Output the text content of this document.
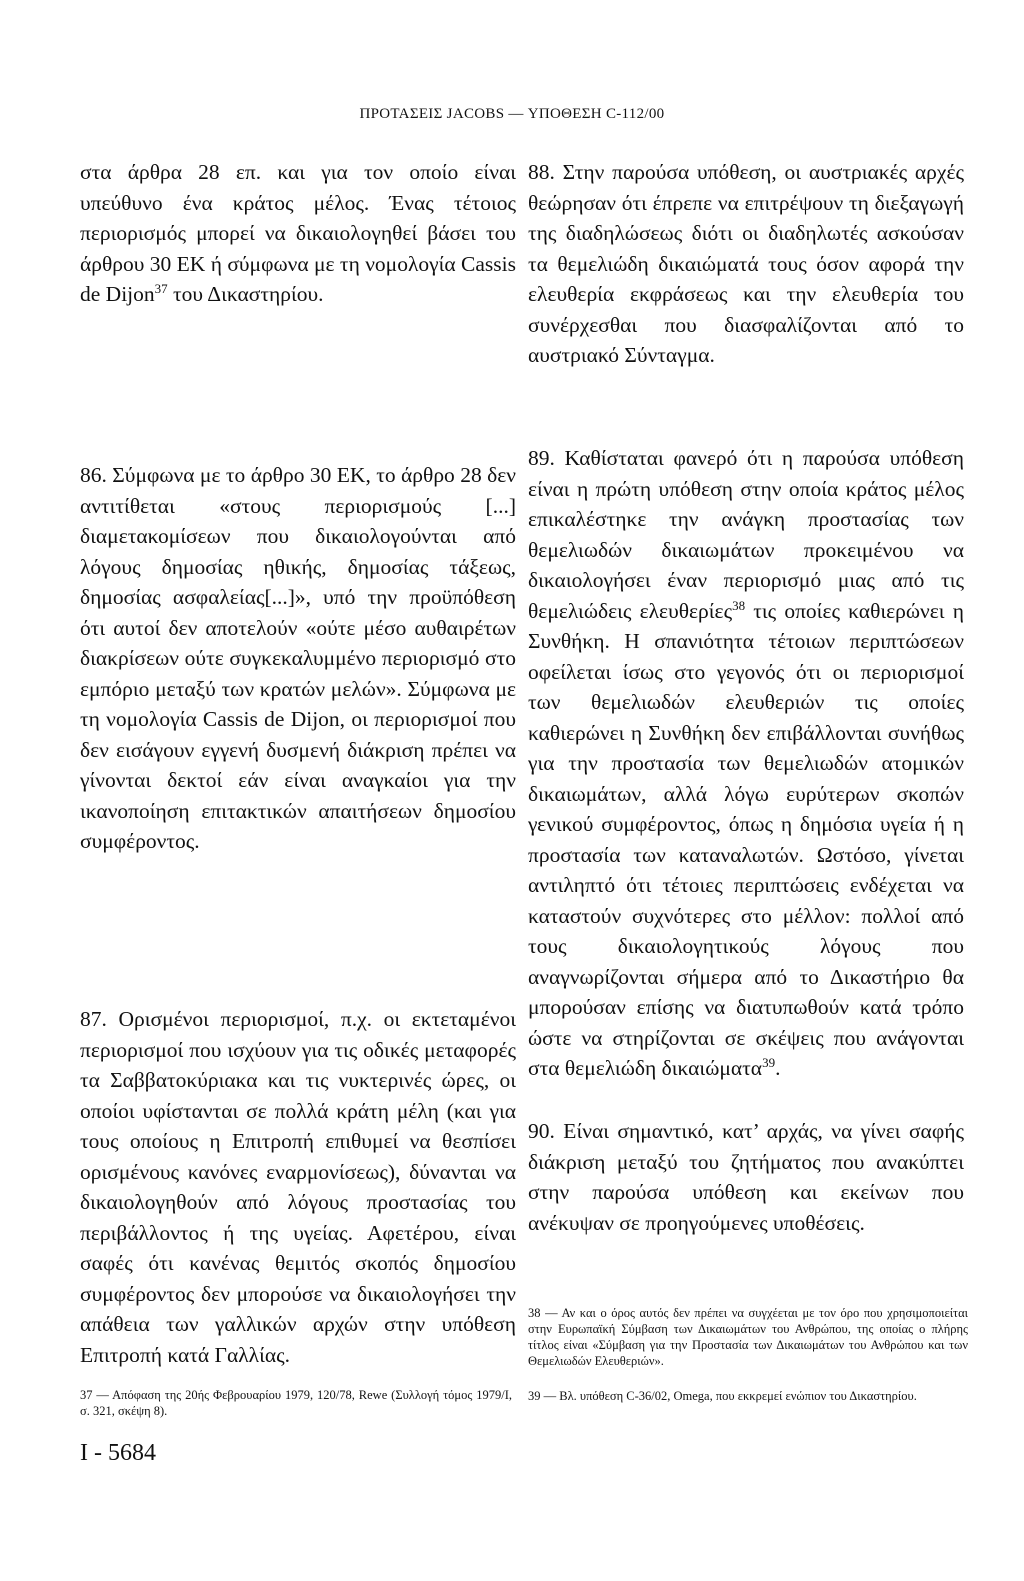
ΠΡΟΤΑΣΕΙΣ JACOBS — ΥΠΟΘΕΣΗ C-112/00

στα άρθρα 28 επ. και για τον οποίο είναι υπεύθυνο ένα κράτος μέλος. Ένας τέτοιος περιορισμός μπορεί να δικαιολογηθεί βάσει του άρθρου 30 ΕΚ ή σύμφωνα με τη νομολογία Cassis de Dijon$^{37}$ του Δικαστηρίου.

86. Σύμφωνα με το άρθρο 30 ΕΚ, το άρθρο 28 δεν αντιτίθεται «στους περιορισμούς [...] διαμετακομίσεων που δικαιολογούνται από λόγους δημοσίας ηθικής, δημοσίας τάξεως, δημοσίας ασφαλείας[...]», υπό την προϋπόθεση ότι αυτοί δεν αποτελούν «ούτε μέσο αυθαιρέτων διακρίσεων ούτε συγκεκαλυμμένο περιορισμό στο εμπόριο μεταξύ των κρατών μελών». Σύμφωνα με τη νομολογία Cassis de Dijon, οι περιορισμοί που δεν εισάγουν εγγενή δυσμενή διάκριση πρέπει να γίνονται δεκτοί εάν είναι αναγκαίοι για την ικανοποίηση επιτακτικών απαιτήσεων δημοσίου συμφέροντος.

87. Ορισμένοι περιορισμοί, π.χ. οι εκτεταμένοι περιορισμοί που ισχύουν για τις οδικές μεταφορές τα Σαββατοκύριακα και τις νυκτερινές ώρες, οι οποίοι υφίστανται σε πολλά κράτη μέλη (και για τους οποίους η Επιτροπή επιθυμεί να θεσπίσει ορισμένους κανόνες εναρμονίσεως), δύνανται να δικαιολογηθούν από λόγους προστασίας του περιβάλλοντος ή της υγείας. Αφετέρου, είναι σαφές ότι κανένας θεμιτός σκοπός δημοσίου συμφέροντος δεν μπορούσε να δικαιολογήσει την απάθεια των γαλλικών αρχών στην υπόθεση Επιτροπή κατά Γαλλίας.

88. Στην παρούσα υπόθεση, οι αυστριακές αρχές θεώρησαν ότι έπρεπε να επιτρέψουν τη διεξαγωγή της διαδηλώσεως διότι οι διαδηλωτές ασκούσαν τα θεμελιώδη δικαιώματά τους όσον αφορά την ελευθερία εκφράσεως και την ελευθερία του συνέρχεσθαι που διασφαλίζονται από το αυστριακό Σύνταγμα.

89. Καθίσταται φανερό ότι η παρούσα υπόθεση είναι η πρώτη υπόθεση στην οποία κράτος μέλος επικαλέστηκε την ανάγκη προστασίας των θεμελιωδών δικαιωμάτων προκειμένου να δικαιολογήσει έναν περιορισμό μιας από τις θεμελιώδεις ελευθερίες$^{38}$ τις οποίες καθιερώνει η Συνθήκη. Η σπανιότητα τέτοιων περιπτώσεων οφείλεται ίσως στο γεγονός ότι οι περιορισμοί των θεμελιωδών ελευθεριών τις οποίες καθιερώνει η Συνθήκη δεν επιβάλλονται συνήθως για την προστασία των θεμελιωδών ατομικών δικαιωμάτων, αλλά λόγω ευρύτερων σκοπών γενικού συμφέροντος, όπως η δημόσια υγεία ή η προστασία των καταναλωτών. Ωστόσο, γίνεται αντιληπτό ότι τέτοιες περιπτώσεις ενδέχεται να καταστούν συχνότερες στο μέλλον: πολλοί από τους δικαιολογητικούς λόγους που αναγνωρίζονται σήμερα από το Δικαστήριο θα μπορούσαν επίσης να διατυπωθούν κατά τρόπο ώστε να στηρίζονται σε σκέψεις που ανάγονται στα θεμελιώδη δικαιώματα$^{39}$.

90. Είναι σημαντικό, κατ’ αρχάς, να γίνει σαφής διάκριση μεταξύ του ζητήματος που ανακύπτει στην παρούσα υπόθεση και εκείνων που ανέκυψαν σε προηγούμενες υποθέσεις.

37 — Απόφαση της 20ής Φεβρουαρίου 1979, 120/78, Rewe (Συλλογή τόμος 1979/Ι, σ. 321, σκέψη 8).
38 — Αν και ο όρος αυτός δεν πρέπει να συγχέεται με τον όρο που χρησιμοποιείται στην Ευρωπαϊκή Σύμβαση των Δικαιωμάτων του Ανθρώπου, της οποίας ο πλήρης τίτλος είναι «Σύμβαση για την Προστασία των Δικαιωμάτων του Ανθρώπου και των Θεμελιωδών Ελευθεριών».
39 — Βλ. υπόθεση C-36/02, Omega, που εκκρεμεί ενώπιον του Δικαστηρίου.
I - 5684
